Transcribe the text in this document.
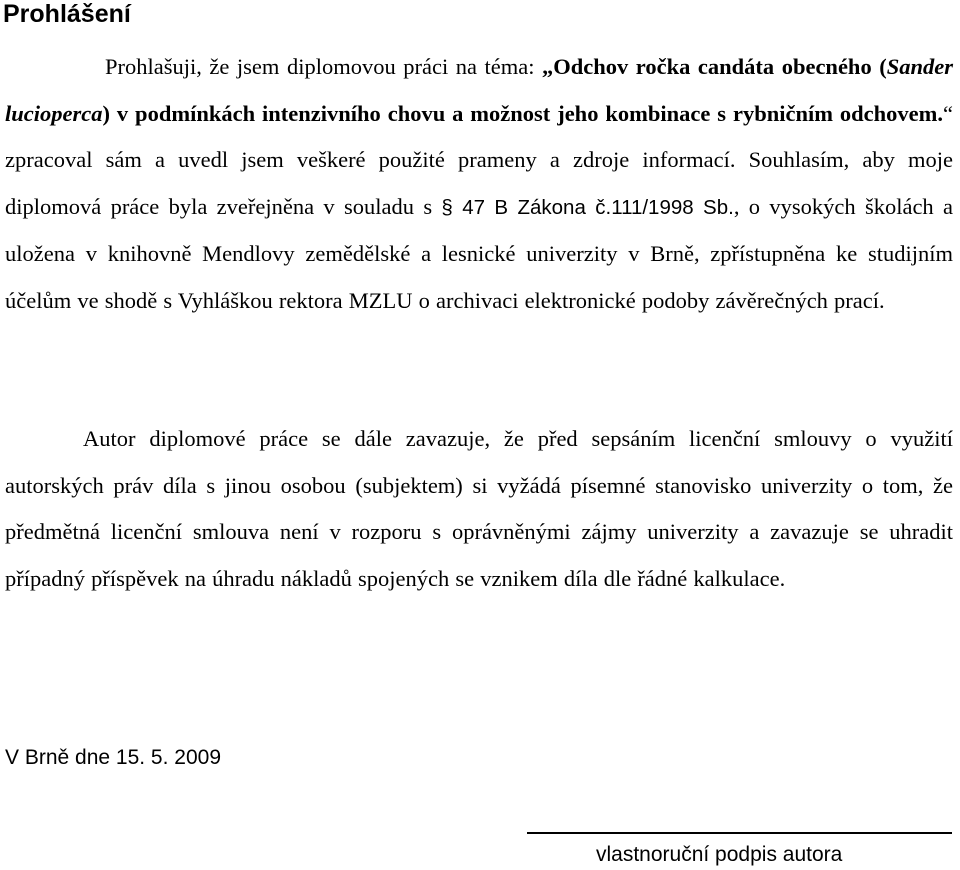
Prohlášení

Prohlašuji, že jsem diplomovou práci na téma: „Odchov ročka candáta obecného (Sander lucioperca) v podmínkách intenzivního chovu a možnost jeho kombinace s rybničním odchovem.“ zpracoval sám a uvedl jsem veškeré použité prameny a zdroje informací. Souhlasím, aby moje diplomová práce byla zveřejněna v souladu s § 47 B Zákona č.111/1998 Sb., o vysokých školách a uložena v knihovně Mendlovy zemědělské a lesnické univerzity v Brně, zpřístupněna ke studijním účelům ve shodě s Vyhláškou rektora MZLU o archivaci elektronické podoby závěrečných prací.

Autor diplomové práce se dále zavazuje, že před sepsáním licenční smlouvy o využití autorských práv díla s jinou osobou (subjektem) si vyžádá písemné stanovisko univerzity o tom, že předmětná licenční smlouva není v rozporu s oprávněnými zájmy univerzity a zavazuje se uhradit případný příspěvek na úhradu nákladů spojených se vznikem díla dle řádné kalkulace.

V Brně dne 15. 5. 2009

vlastnoruční podpis autora
